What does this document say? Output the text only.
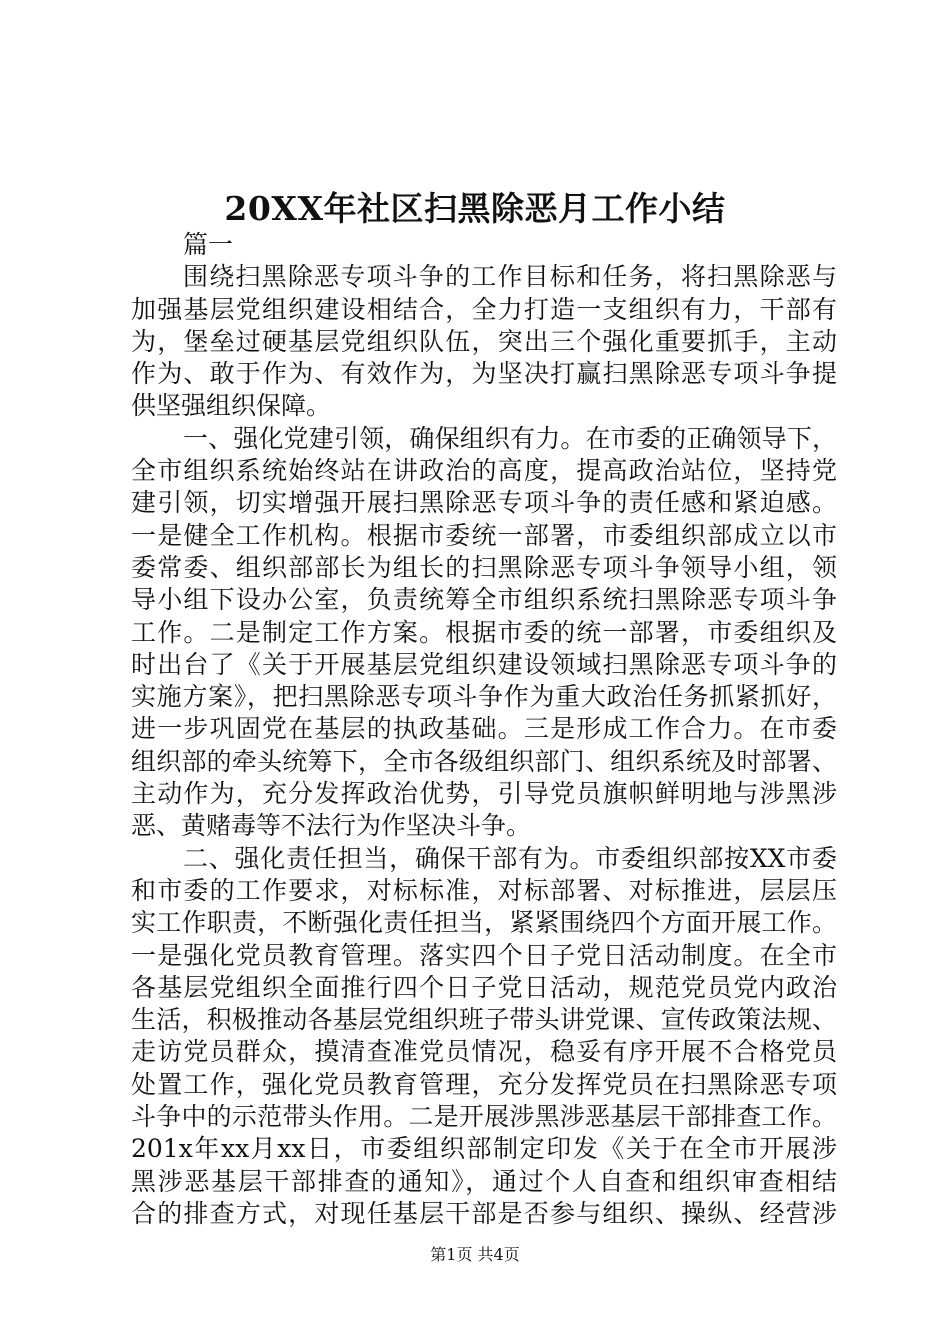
20XX年社区扫黑除恶月工作小结
篇一
围绕扫黑除恶专项斗争的工作目标和任务，将扫黑除恶与
加强基层党组织建设相结合，全力打造一支组织有力，干部有
为，堡垒过硬基层党组织队伍，突出三个强化重要抓手，主动
作为、敢于作为、有效作为，为坚决打赢扫黑除恶专项斗争提
供坚强组织保障。
一、强化党建引领，确保组织有力。在市委的正确领导下，
全市组织系统始终站在讲政治的高度，提高政治站位，坚持党
建引领，切实增强开展扫黑除恶专项斗争的责任感和紧迫感。
一是健全工作机构。根据市委统一部署，市委组织部成立以市
委常委、组织部部长为组长的扫黑除恶专项斗争领导小组，领
导小组下设办公室，负责统筹全市组织系统扫黑除恶专项斗争
工作。二是制定工作方案。根据市委的统一部署，市委组织及
时出台了《关于开展基层党组织建设领域扫黑除恶专项斗争的
实施方案》，把扫黑除恶专项斗争作为重大政治任务抓紧抓好，
进一步巩固党在基层的执政基础。三是形成工作合力。在市委
组织部的牵头统筹下，全市各级组织部门、组织系统及时部署、
主动作为，充分发挥政治优势，引导党员旗帜鲜明地与涉黑涉
恶、黄赌毒等不法行为作坚决斗争。
二、强化责任担当，确保干部有为。市委组织部按XX市委
和市委的工作要求，对标标准，对标部署、对标推进，层层压
实工作职责，不断强化责任担当，紧紧围绕四个方面开展工作。
一是强化党员教育管理。落实四个日子党日活动制度。在全市
各基层党组织全面推行四个日子党日活动，规范党员党内政治
生活，积极推动各基层党组织班子带头讲党课、宣传政策法规、
走访党员群众，摸清查准党员情况，稳妥有序开展不合格党员
处置工作，强化党员教育管理，充分发挥党员在扫黑除恶专项
斗争中的示范带头作用。二是开展涉黑涉恶基层干部排查工作。
201x年xx月xx日，市委组织部制定印发《关于在全市开展涉
黑涉恶基层干部排查的通知》，通过个人自查和组织审查相结
合的排查方式，对现任基层干部是否参与组织、操纵、经营涉
第1页 共4页
